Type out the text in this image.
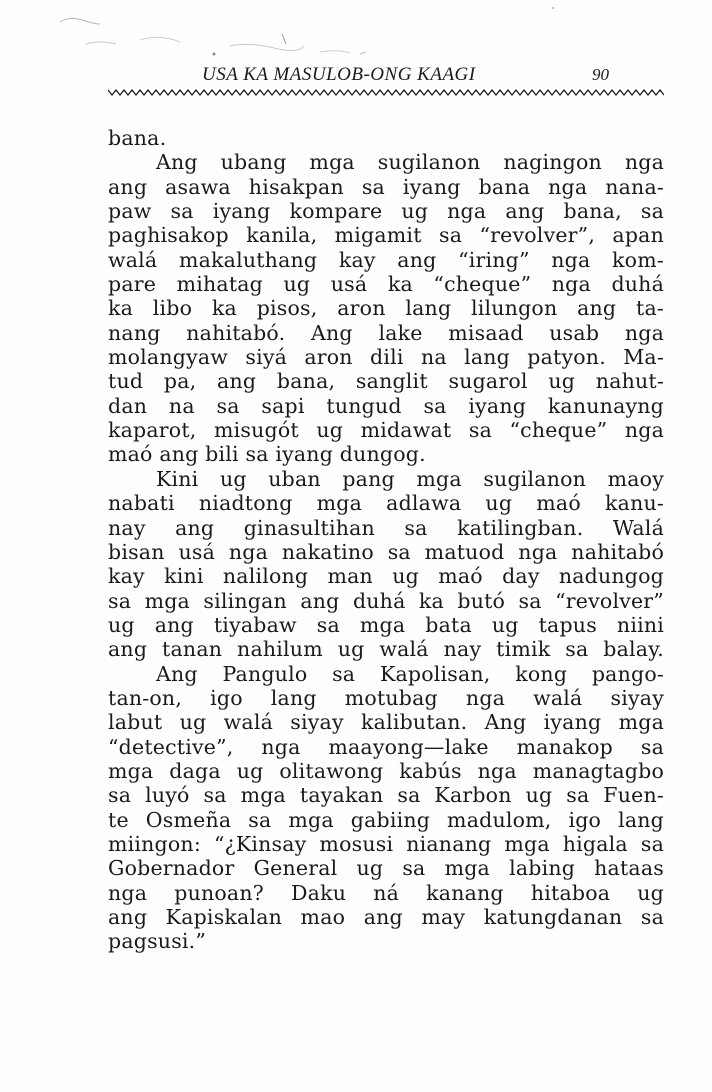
USA KA MASULOB-ONG KAAGI	90
bana.
Ang ubang mga sugilanon nagingon nga
ang asawa hisakpan sa iyang bana nga nana-
paw sa iyang kompare ug nga ang bana, sa
paghisakop kanila, migamit sa “revolver”, apan
walá makaluthang kay ang “iring” nga kom-
pare mihatag ug usá ka “cheque” nga duhá
ka libo ka pisos, aron lang lilungon ang ta-
nang nahitabó. Ang lake misaad usab nga
molangyaw siyá aron dili na lang patyon. Ma-
tud pa, ang bana, sanglit sugarol ug nahut-
dan na sa sapi tungud sa iyang kanunayng
kaparot, misugót ug midawat sa “cheque” nga
maó ang bili sa iyang dungog.
Kini ug uban pang mga sugilanon maoy
nabati niadtong mga adlawa ug maó kanu-
nay ang ginasultihan sa katilingban. Walá
bisan usá nga nakatino sa matuod nga nahitabó
kay kini nalilong man ug maó day nadungog
sa mga silingan ang duhá ka butó sa “revolver”
ug ang tiyabaw sa mga bata ug tapus niini
ang tanan nahilum ug walá nay timik sa balay.
Ang Pangulo sa Kapolisan, kong pango-
tan-on, igo lang motubag nga walá siyay
labut ug walá siyay kalibutan. Ang iyang mga
“detective”, nga maayong—lake manakop sa
mga daga ug olitawong kabús nga managtagbo
sa luyó sa mga tayakan sa Karbon ug sa Fuen-
te Osmeña sa mga gabiing madulom, igo lang
miingon: “¿Kinsay mosusi nianang mga higala sa
Gobernador General ug sa mga labing hataas
nga punoan? Daku ná kanang hitaboa ug
ang Kapiskalan mao ang may katungdanan sa
pagsusi.”
